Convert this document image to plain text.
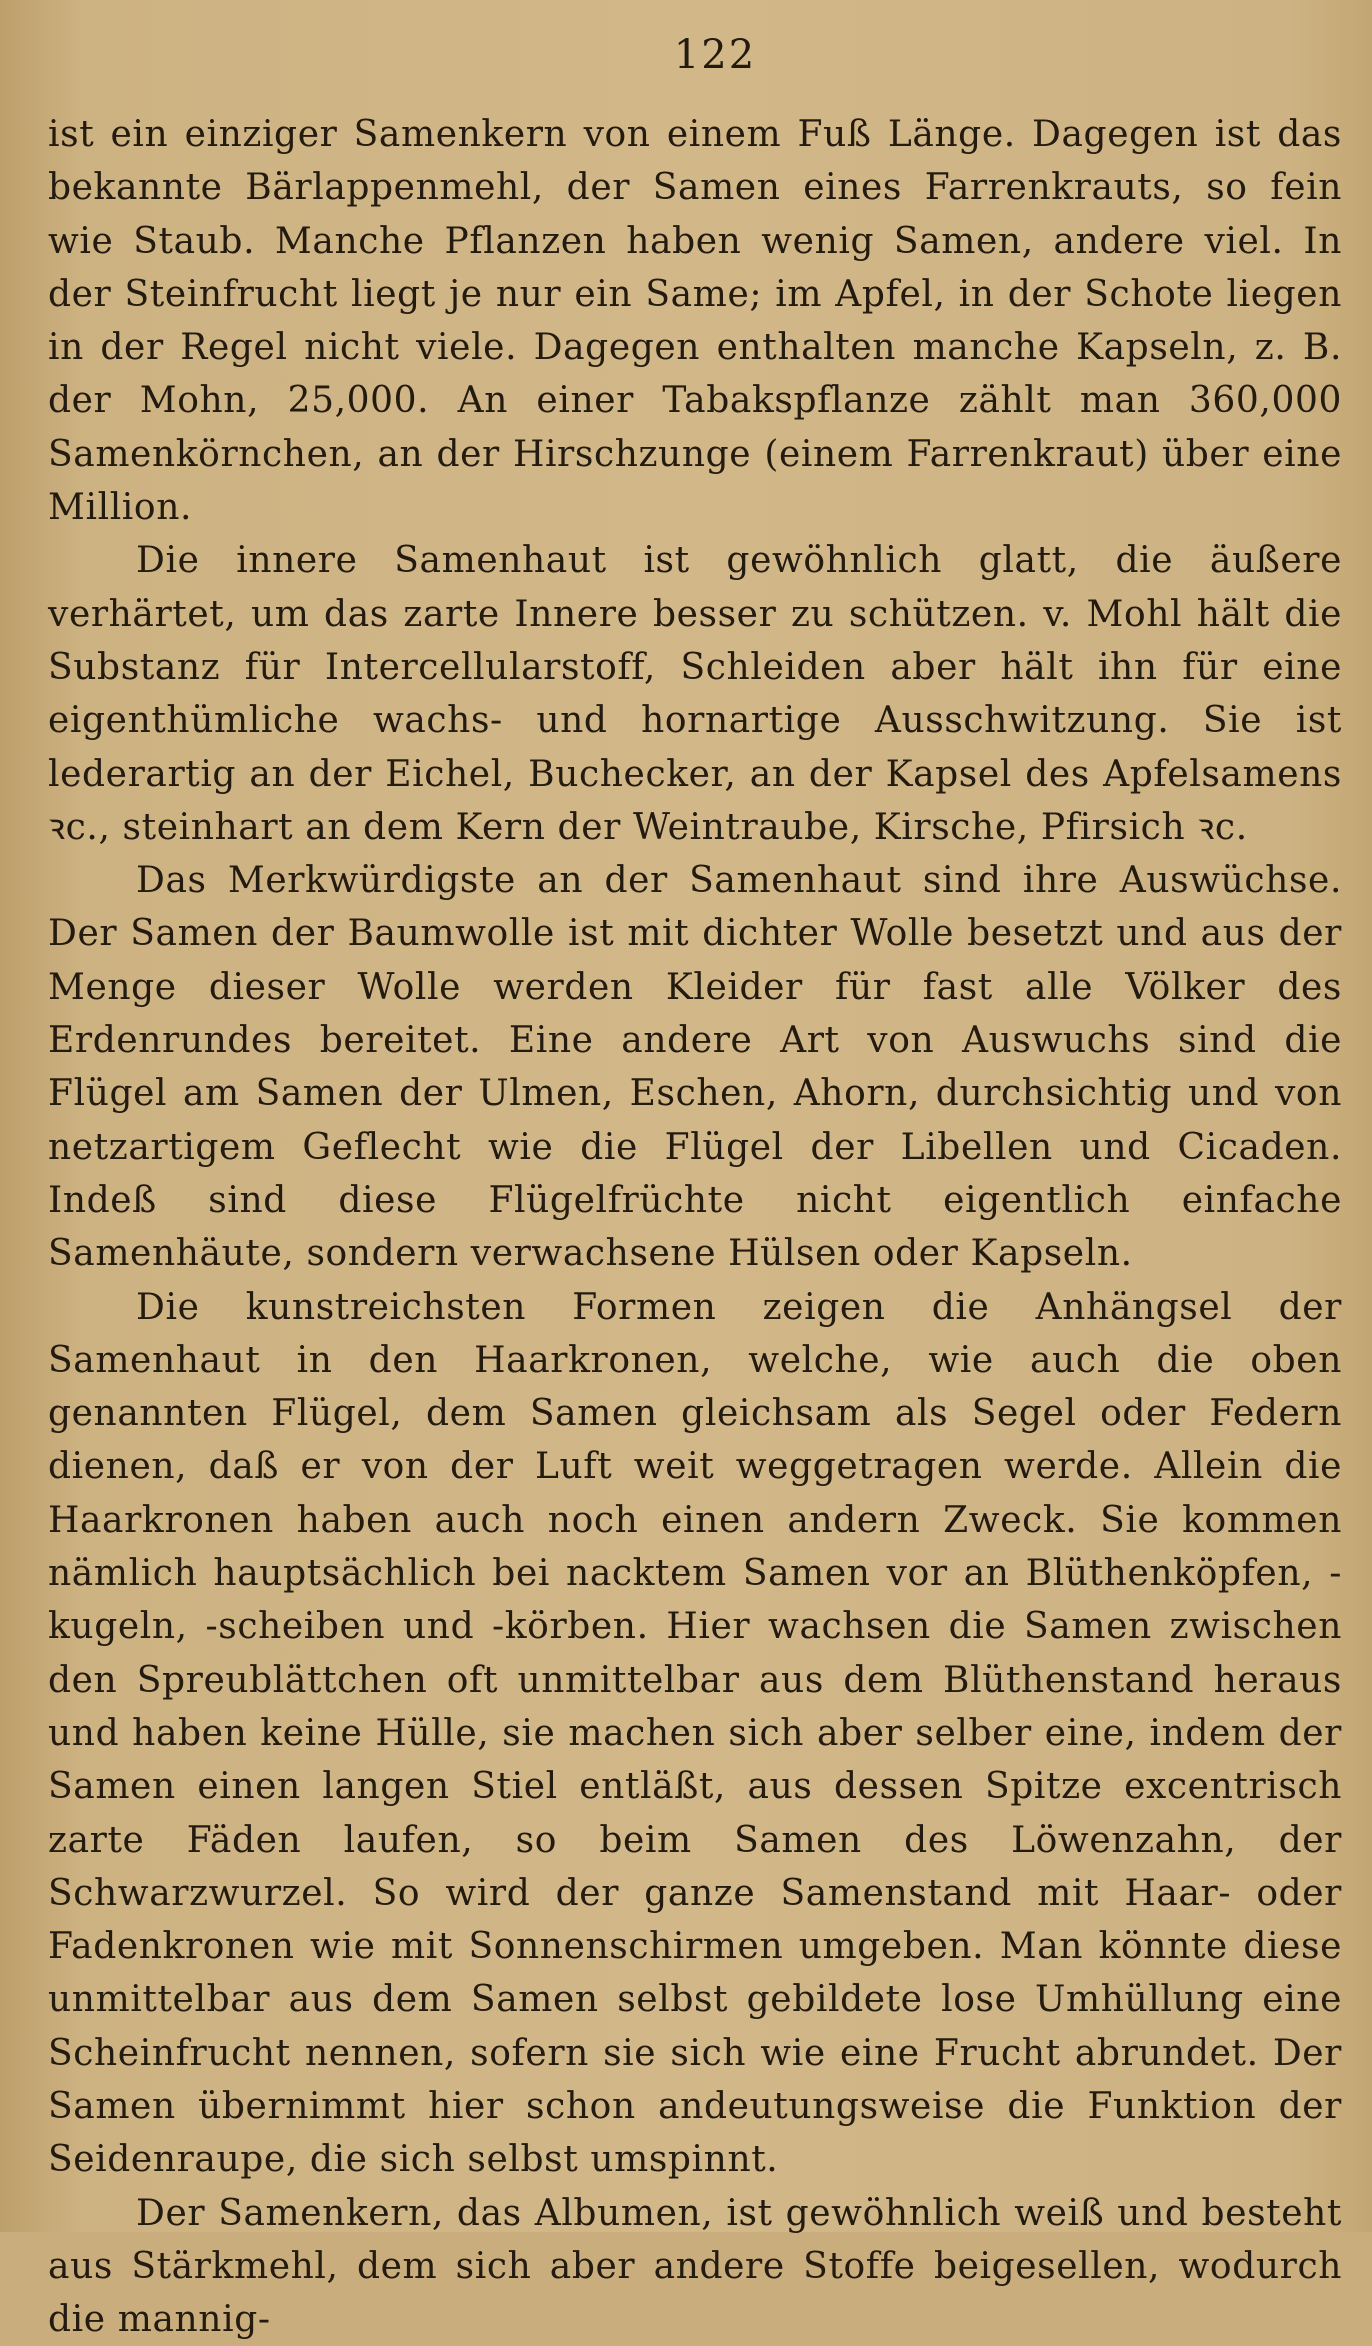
122

ist ein einziger Samenkern von einem Fuß Länge. Dagegen ist das bekannte Bärlappenmehl, der Samen eines Farrenkrauts, so fein wie Staub. Manche Pflanzen haben wenig Samen, andere viel. In der Steinfrucht liegt je nur ein Same; im Apfel, in der Schote liegen in der Regel nicht viele. Dagegen enthalten manche Kapseln, z. B. der Mohn, 25,000. An einer Tabakspflanze zählt man 360,000 Samenkörnchen, an der Hirschzunge (einem Farrenkraut) über eine Million.

Die innere Samenhaut ist gewöhnlich glatt, die äußere verhärtet, um das zarte Innere besser zu schützen. v. Mohl hält die Substanz für Intercellularstoff, Schleiden aber hält ihn für eine eigenthümliche wachs- und hornartige Ausschwitzung. Sie ist lederartig an der Eichel, Buchecker, an der Kapsel des Apfelsamens ꝛc., steinhart an dem Kern der Weintraube, Kirsche, Pfirsich ꝛc.

Das Merkwürdigste an der Samenhaut sind ihre Auswüchse. Der Samen der Baumwolle ist mit dichter Wolle besetzt und aus der Menge dieser Wolle werden Kleider für fast alle Völker des Erdenrundes bereitet. Eine andere Art von Auswuchs sind die Flügel am Samen der Ulmen, Eschen, Ahorn, durchsichtig und von netzartigem Geflecht wie die Flügel der Libellen und Cicaden. Indeß sind diese Flügelfrüchte nicht eigentlich einfache Samenhäute, sondern verwachsene Hülsen oder Kapseln.

Die kunstreichsten Formen zeigen die Anhängsel der Samenhaut in den Haarkronen, welche, wie auch die oben genannten Flügel, dem Samen gleichsam als Segel oder Federn dienen, daß er von der Luft weit weggetragen werde. Allein die Haarkronen haben auch noch einen andern Zweck. Sie kommen nämlich hauptsächlich bei nacktem Samen vor an Blüthenköpfen, -kugeln, -scheiben und -körben. Hier wachsen die Samen zwischen den Spreublättchen oft unmittelbar aus dem Blüthenstand heraus und haben keine Hülle, sie machen sich aber selber eine, indem der Samen einen langen Stiel entläßt, aus dessen Spitze excentrisch zarte Fäden laufen, so beim Samen des Löwenzahn, der Schwarzwurzel. So wird der ganze Samenstand mit Haar- oder Fadenkronen wie mit Sonnenschirmen umgeben. Man könnte diese unmittelbar aus dem Samen selbst gebildete lose Umhüllung eine Scheinfrucht nennen, sofern sie sich wie eine Frucht abrundet. Der Samen übernimmt hier schon andeutungsweise die Funktion der Seidenraupe, die sich selbst umspinnt.

Der Samenkern, das Albumen, ist gewöhnlich weiß und besteht aus Stärkmehl, dem sich aber andere Stoffe beigesellen, wodurch die mannig-
